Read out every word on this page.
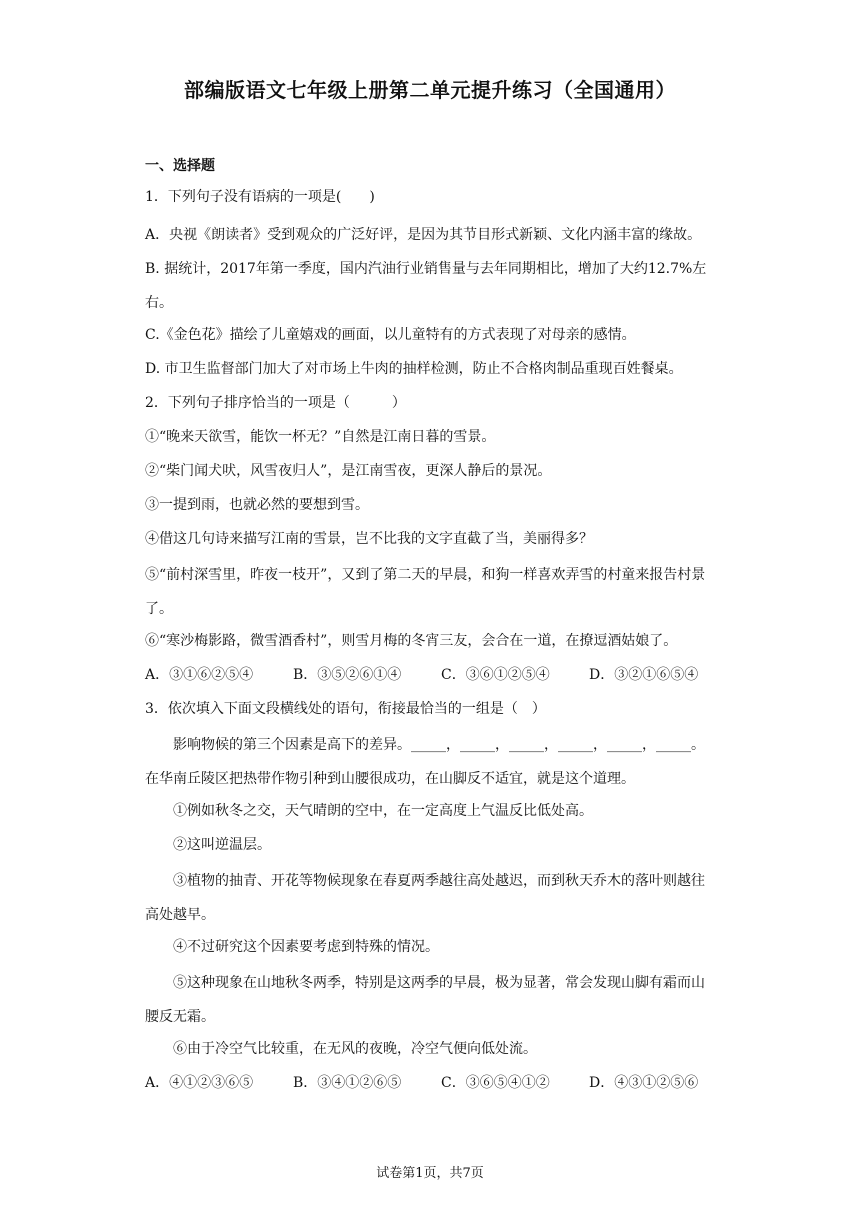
部编版语文七年级上册第二单元提升练习（全国通用）
一、选择题
1．下列句子没有语病的一项是(　　)
A．央视《朗读者》受到观众的广泛好评，是因为其节目形式新颖、文化内涵丰富的缘故。
B. 据统计，2017年第一季度，国内汽油行业销售量与去年同期相比，增加了大约12.7%左右。
C.《金色花》描绘了儿童嬉戏的画面，以儿童特有的方式表现了对母亲的感情。
D. 市卫生监督部门加大了对市场上牛肉的抽样检测，防止不合格肉制品重现百姓餐桌。
2．下列句子排序恰当的一项是（　　　）
①“晚来天欲雪，能饮一杯无？”自然是江南日暮的雪景。
②“柴门闻犬吠，风雪夜归人”，是江南雪夜，更深人静后的景况。
③一提到雨，也就必然的要想到雪。
④借这几句诗来描写江南的雪景，岂不比我的文字直截了当，美丽得多？
⑤“前村深雪里，昨夜一枝开”，又到了第二天的早晨，和狗一样喜欢弄雪的村童来报告村景了。
⑥“寒沙梅影路，微雪酒香村”，则雪月梅的冬宵三友，会合在一道，在撩逗酒姑娘了。
A．③①⑥②⑤④	B．③⑤②⑥①④	C．③⑥①②⑤④	D．③②①⑥⑤④
3．依次填入下面文段横线处的语句，衔接最恰当的一组是（　）
影响物候的第三个因素是高下的差异。_____，_____，_____，_____，_____，_____。在华南丘陵区把热带作物引种到山腰很成功，在山脚反不适宜，就是这个道理。
①例如秋冬之交，天气晴朗的空中，在一定高度上气温反比低处高。
②这叫逆温层。
③植物的抽青、开花等物候现象在春夏两季越往高处越迟，而到秋天乔木的落叶则越往高处越早。
④不过研究这个因素要考虑到特殊的情况。
⑤这种现象在山地秋冬两季，特别是这两季的早晨，极为显著，常会发现山脚有霜而山腰反无霜。
⑥由于冷空气比较重，在无风的夜晚，冷空气便向低处流。
A．④①②③⑥⑤	B．③④①②⑥⑤	C．③⑥⑤④①②	D．④③①②⑤⑥
试卷第1页，共7页
